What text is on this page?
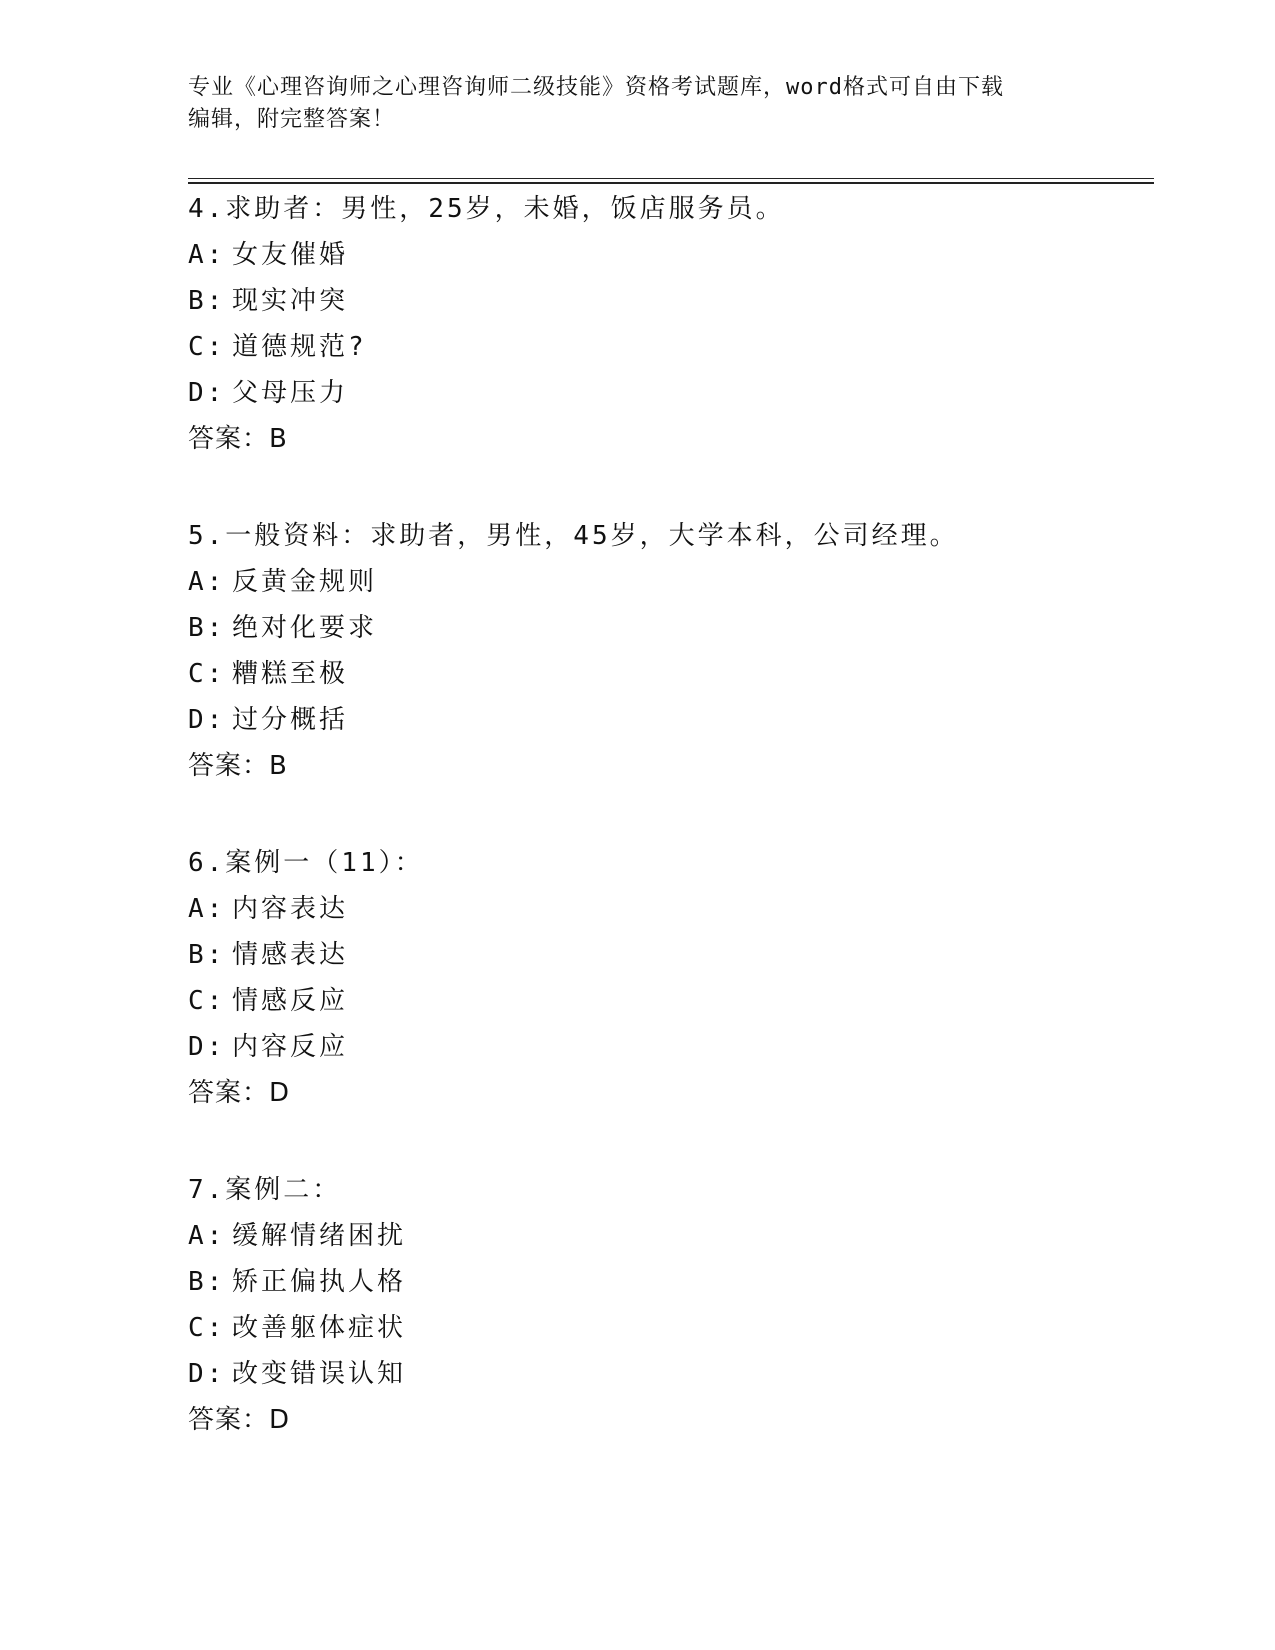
专业《心理咨询师之心理咨询师二级技能》资格考试题库，word格式可自由下载
编辑，附完整答案！
4.求助者：男性，25岁，未婚，饭店服务员。
A: 女友催婚
B: 现实冲突
C: 道德规范?
D: 父母压力
答案：B
5.一般资料：求助者，男性，45岁，大学本科，公司经理。
A: 反黄金规则
B: 绝对化要求
C: 糟糕至极
D: 过分概括
答案：B
6.案例一（11）：
A: 内容表达
B: 情感表达
C: 情感反应
D: 内容反应
答案：D
7.案例二：
A: 缓解情绪困扰
B: 矫正偏执人格
C: 改善躯体症状
D: 改变错误认知
答案：D
